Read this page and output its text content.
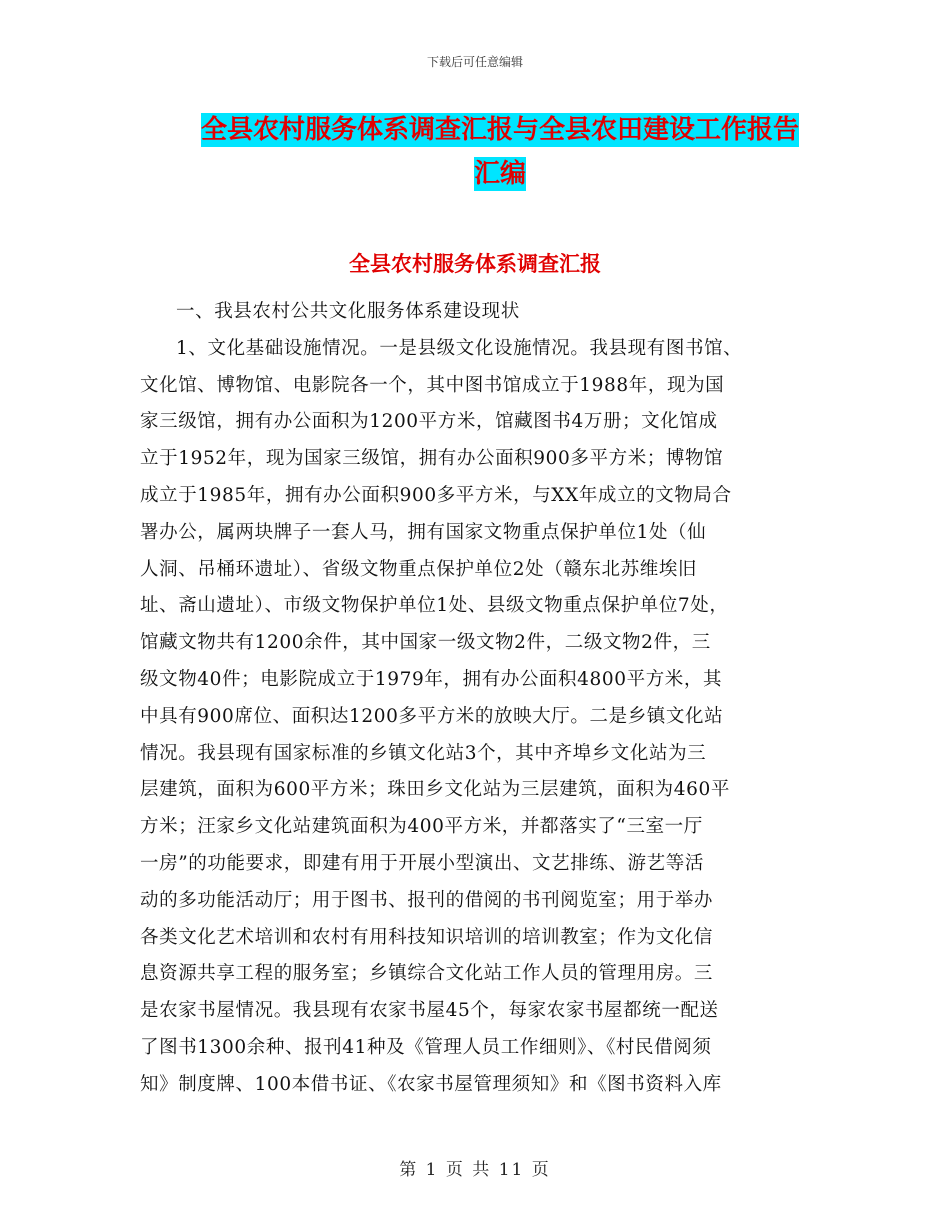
下载后可任意编辑
全县农村服务体系调查汇报与全县农田建设工作报告
汇编
全县农村服务体系调查汇报
一、我县农村公共文化服务体系建设现状
1、文化基础设施情况。一是县级文化设施情况。我县现有图书馆、
文化馆、博物馆、电影院各一个，其中图书馆成立于1988年，现为国
家三级馆，拥有办公面积为1200平方米，馆藏图书4万册；文化馆成
立于1952年，现为国家三级馆，拥有办公面积900多平方米；博物馆
成立于1985年，拥有办公面积900多平方米，与XX年成立的文物局合
署办公，属两块牌子一套人马，拥有国家文物重点保护单位1处（仙
人洞、吊桶环遗址）、省级文物重点保护单位2处（赣东北苏维埃旧
址、斋山遗址）、市级文物保护单位1处、县级文物重点保护单位7处，
馆藏文物共有1200余件，其中国家一级文物2件，二级文物2件，三
级文物40件；电影院成立于1979年，拥有办公面积4800平方米，其
中具有900席位、面积达1200多平方米的放映大厅。二是乡镇文化站
情况。我县现有国家标准的乡镇文化站3个，其中齐埠乡文化站为三
层建筑，面积为600平方米；珠田乡文化站为三层建筑，面积为460平
方米；汪家乡文化站建筑面积为400平方米，并都落实了“三室一厅
一房”的功能要求，即建有用于开展小型演出、文艺排练、游艺等活
动的多功能活动厅；用于图书、报刊的借阅的书刊阅览室；用于举办
各类文化艺术培训和农村有用科技知识培训的培训教室；作为文化信
息资源共享工程的服务室；乡镇综合文化站工作人员的管理用房。三
是农家书屋情况。我县现有农家书屋45个，每家农家书屋都统一配送
了图书1300余种、报刊41种及《管理人员工作细则》、《村民借阅须
知》制度牌、100本借书证、《农家书屋管理须知》和《图书资料入库
第 1 页 共 11 页
